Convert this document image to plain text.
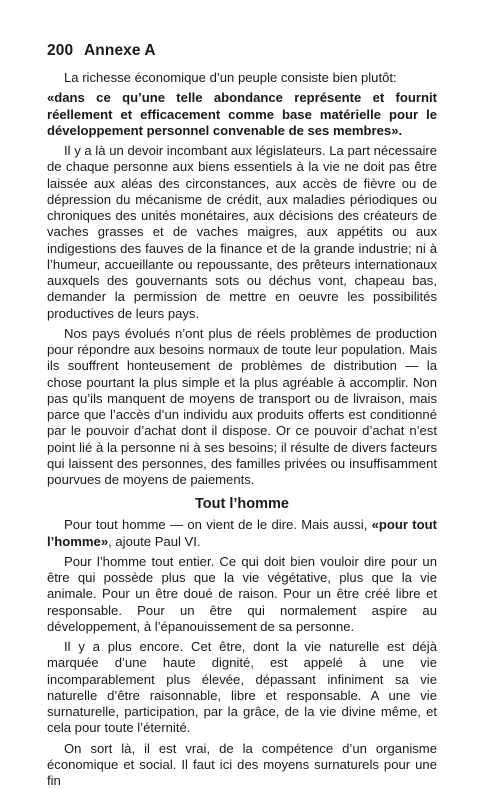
200 Annexe A

La richesse économique d’un peuple consiste bien plutôt:

«dans ce qu’une telle abondance représente et fournit réellement et efficacement comme base matérielle pour le développement personnel convenable de ses membres».

Il y a là un devoir incombant aux législateurs. La part nécessaire de chaque personne aux biens essentiels à la vie ne doit pas être laissée aux aléas des circonstances, aux accès de fièvre ou de dépression du mécanisme de crédit, aux maladies périodiques ou chroniques des unités monétaires, aux décisions des créateurs de vaches grasses et de vaches maigres, aux appétits ou aux indigestions des fauves de la finance et de la grande industrie; ni à l’humeur, accueillante ou repoussante, des prêteurs internationaux auxquels des gouvernants sots ou déchus vont, chapeau bas, demander la permission de mettre en oeuvre les possibilités productives de leurs pays.

Nos pays évolués n’ont plus de réels problèmes de production pour répondre aux besoins normaux de toute leur population. Mais ils souffrent honteusement de problèmes de distribution — la chose pourtant la plus simple et la plus agréable à accomplir. Non pas qu’ils manquent de moyens de transport ou de livraison, mais parce que l’accès d’un individu aux produits offerts est conditionné par le pouvoir d’achat dont il dispose. Or ce pouvoir d’achat n’est point lié à la personne ni à ses besoins; il résulte de divers facteurs qui laissent des personnes, des familles privées ou insuffisamment pourvues de moyens de paiements.

Tout l’homme

Pour tout homme — on vient de le dire. Mais aussi, «pour tout l’homme», ajoute Paul VI.

Pour l’homme tout entier. Ce qui doit bien vouloir dire pour un être qui possède plus que la vie végétative, plus que la vie animale. Pour un être doué de raison. Pour un être créé libre et responsable. Pour un être qui normalement aspire au développement, à l’épanouissement de sa personne.

Il y a plus encore. Cet être, dont la vie naturelle est déjà marquée d’une haute dignité, est appelé à une vie incomparablement plus élevée, dépassant infiniment sa vie naturelle d’être raisonnable, libre et responsable. A une vie surnaturelle, participation, par la grâce, de la vie divine même, et cela pour toute l’éternité.

On sort là, il est vrai, de la compétence d’un organisme économique et social. Il faut ici des moyens surnaturels pour une fin
